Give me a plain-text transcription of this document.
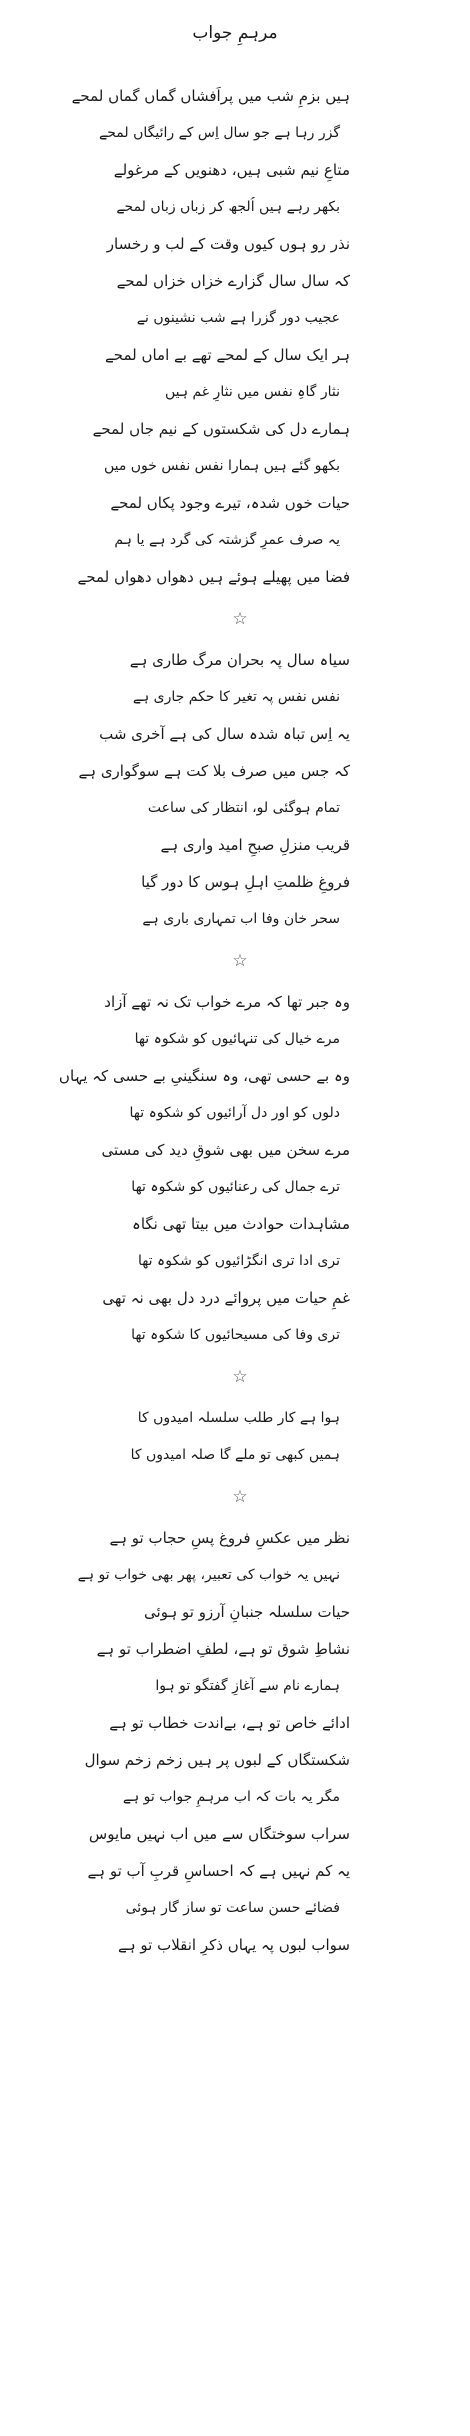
مرہمِ جواب
ہیں بزمِ شب میں پراَفشاں گماں گماں لمحے
گزر رہا ہے جو سال اِس کے رائیگاں لمحے
متاعِ نیم شبی ہیں، دھنویں کے مرغولے
بکھر رہے ہیں اُلجھ کر زباں زباں لمحے
نذر رو ہوں کیوں وقت کے لب و رخسار
کہ سال سال گزارے خزاں خزاں لمحے
عجیب دور گزرا ہے شب نشینوں نے
ہر ایک سال کے لمحے تھے بے اماں لمحے
نثار گاہِ نفس میں نثارِ غم ہیں
ہمارے دل کی شکستوں کے نیم جاں لمحے
بکھو گئے ہیں ہمارا نفس نفس خوں میں
حیات خوں شدہ، تیرے وجود پکاں لمحے
یہ صرف عمرِ گزشتہ کی گرد ہے یا ہم
فضا میں پھیلے ہوئے ہیں دھواں دھواں لمحے
☆
سیاہ سال پہ بحران مرگ طاری ہے
نفس نفس پہ تغیر کا حکم جاری ہے
یہ اِس تباہ شدہ سال کی ہے آخری شب
کہ جس میں صرف بلا کت ہے سوگواری ہے
تمام ہوگئی لو، انتظار کی ساعت
قریب منزلِ صبحِ امید واری ہے
فروغِ ظلمتِ اہلِ ہوس کا دور گیا
سحر خان وفا اب تمہاری باری ہے
☆
وہ جبر تھا کہ مرے خواب تک نہ تھے آزاد
مرے خیال کی تنہائیوں کو شکوہ تھا
وہ بے حسی تھی، وہ سنگینیِ بے حسی کہ یہاں
دلوں کو اور دل آرائیوں کو شکوہ تھا
مرے سخن میں بھی شوقِ دید کی مستی
ترے جمال کی رعنائیوں کو شکوہ تھا
مشاہدات حوادث میں بیتا تھی نگاہ
تری ادا تری انگڑائیوں کو شکوہ تھا
غمِ حیات میں پروائے درد دل بھی نہ تھی
تری وفا کی مسیحائیوں کا شکوہ تھا
☆
ہوا ہے کار طلب سلسلہ امیدوں کا
ہمیں کبھی تو ملے گا صلہ امیدوں کا
☆
نظر میں عکسِ فروغ پسِ حجاب تو ہے
نہیں یہ خواب کی تعبیر، پھر بھی خواب تو ہے
حیات سلسلہ جنبانِ آرزو تو ہوئی
نشاطِ شوق تو ہے، لطفِ اضطراب تو ہے
ہمارے نام سے آغازِ گفتگو تو ہوا
ادائے خاص تو ہے، بےاندت خطاب تو ہے
شکستگاں کے لبوں پر ہیں زخم زخم سوال
مگر یہ بات کہ اب مرہمِ جواب تو ہے
سراب سوختگاں سے میں اب نہیں مایوس
یہ کم نہیں ہے کہ احساسِ قربِ آب تو ہے
فضائے حسن ساعت تو ساز گار ہوئی
سواب لبوں پہ یہاں ذکرِ انقلاب تو ہے
